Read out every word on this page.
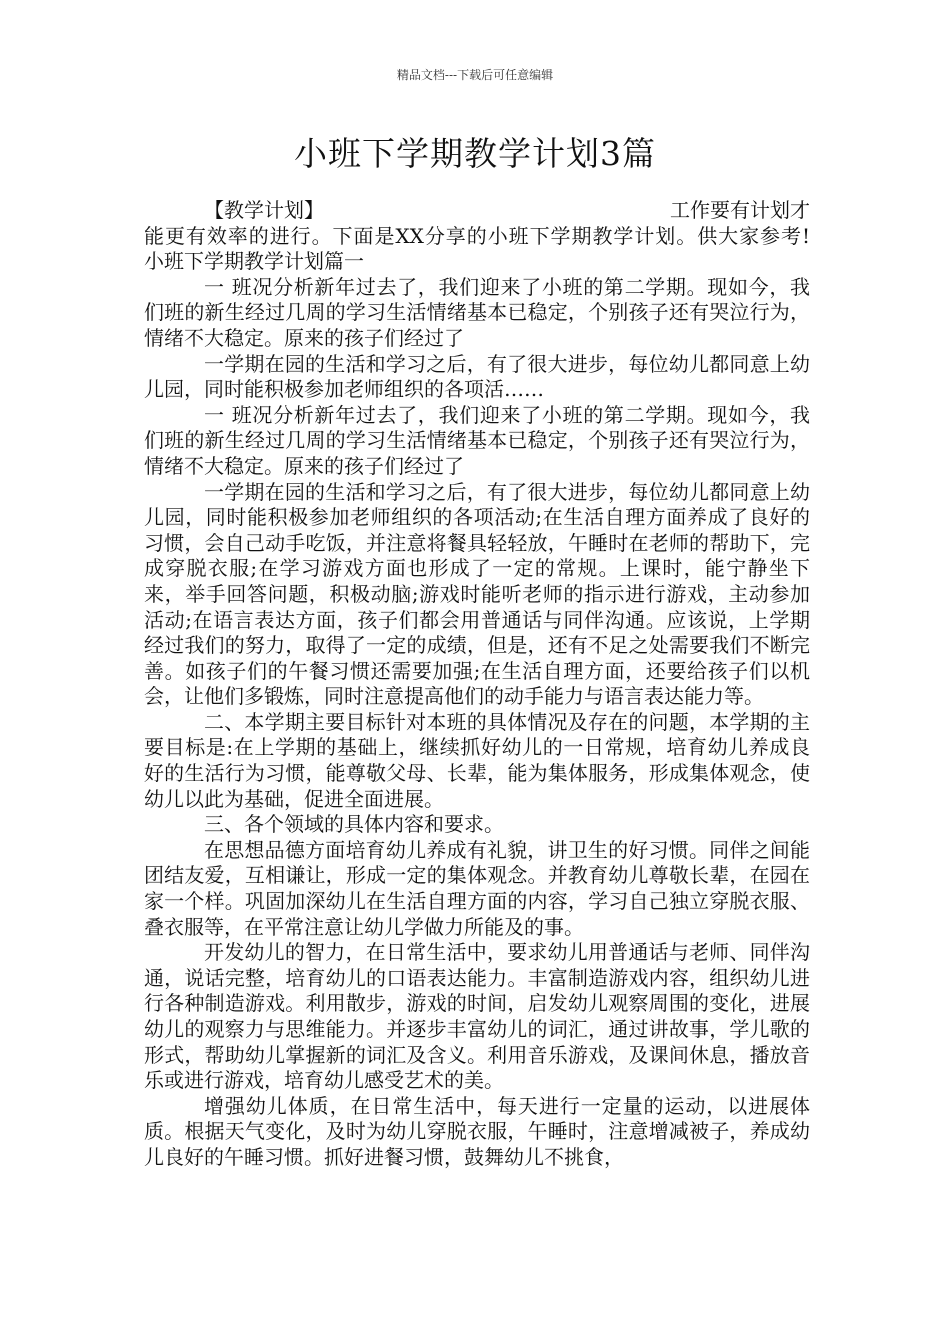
精品文档---下载后可任意编辑
小班下学期教学计划3篇
【教学计划】	工作要有计划才

能更有效率的进行。下面是XX分享的小班下学期教学计划。供大家参考!　　小班下学期教学计划篇一

一 班况分析新年过去了，我们迎来了小班的第二学期。现如今，我们班的新生经过几周的学习生活情绪基本已稳定，个别孩子还有哭泣行为，情绪不大稳定。原来的孩子们经过了

一学期在园的生活和学习之后，有了很大进步，每位幼儿都同意上幼儿园，同时能积极参加老师组织的各项活……

一 班况分析新年过去了，我们迎来了小班的第二学期。现如今，我们班的新生经过几周的学习生活情绪基本已稳定，个别孩子还有哭泣行为，情绪不大稳定。原来的孩子们经过了

一学期在园的生活和学习之后，有了很大进步，每位幼儿都同意上幼儿园，同时能积极参加老师组织的各项活动;在生活自理方面养成了良好的习惯，会自己动手吃饭，并注意将餐具轻轻放，午睡时在老师的帮助下，完成穿脱衣服;在学习游戏方面也形成了一定的常规。上课时，能宁静坐下来，举手回答问题，积极动脑;游戏时能听老师的指示进行游戏，主动参加活动;在语言表达方面，孩子们都会用普通话与同伴沟通。应该说，上学期经过我们的努力，取得了一定的成绩，但是，还有不足之处需要我们不断完善。如孩子们的午餐习惯还需要加强;在生活自理方面，还要给孩子们以机会，让他们多锻炼，同时注意提高他们的动手能力与语言表达能力等。

二、本学期主要目标针对本班的具体情况及存在的问题，本学期的主要目标是:在上学期的基础上，继续抓好幼儿的一日常规，培育幼儿养成良好的生活行为习惯，能尊敬父母、长辈，能为集体服务，形成集体观念，使幼儿以此为基础，促进全面进展。

三、各个领域的具体内容和要求。

在思想品德方面培育幼儿养成有礼貌，讲卫生的好习惯。同伴之间能团结友爱，互相谦让，形成一定的集体观念。并教育幼儿尊敬长辈，在园在家一个样。巩固加深幼儿在生活自理方面的内容，学习自己独立穿脱衣服、叠衣服等，在平常注意让幼儿学做力所能及的事。

开发幼儿的智力，在日常生活中，要求幼儿用普通话与老师、同伴沟通，说话完整，培育幼儿的口语表达能力。丰富制造游戏内容，组织幼儿进行各种制造游戏。利用散步，游戏的时间，启发幼儿观察周围的变化，进展幼儿的观察力与思维能力。并逐步丰富幼儿的词汇，通过讲故事，学儿歌的形式，帮助幼儿掌握新的词汇及含义。利用音乐游戏，及课间休息，播放音乐或进行游戏，培育幼儿感受艺术的美。

增强幼儿体质，在日常生活中，每天进行一定量的运动，以进展体质。根据天气变化，及时为幼儿穿脱衣服，午睡时，注意增减被子，养成幼儿良好的午睡习惯。抓好进餐习惯，鼓舞幼儿不挑食，
